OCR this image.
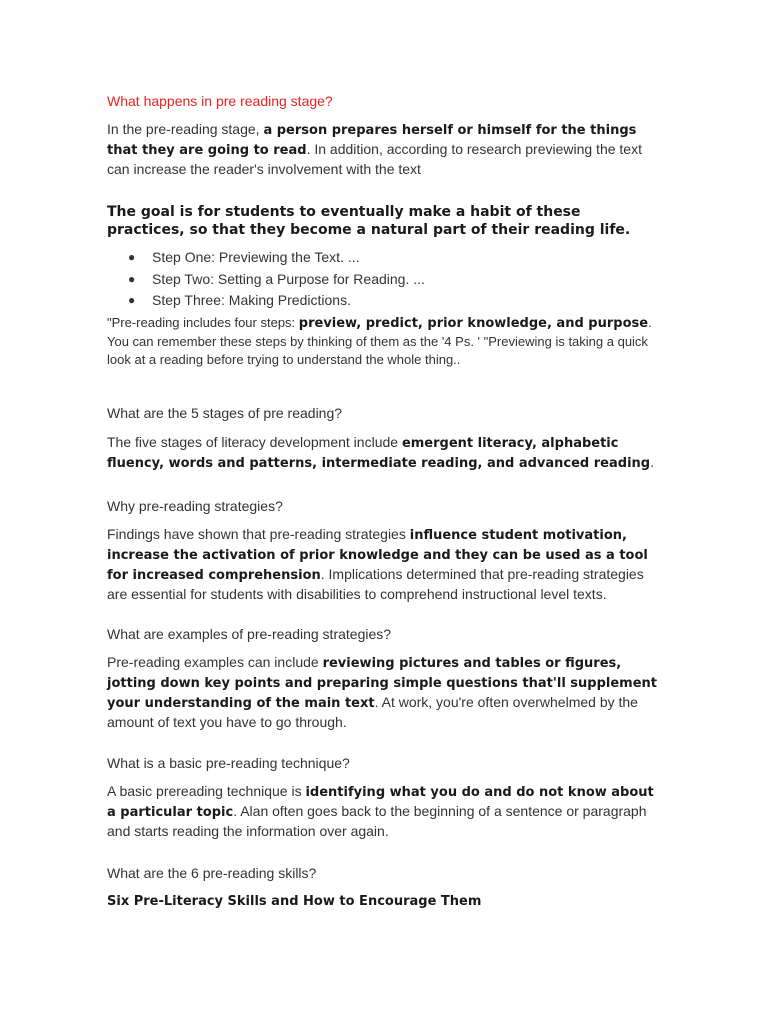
What happens in pre reading stage?

In the pre-reading stage, a person prepares herself or himself for the things that they are going to read. In addition, according to research previewing the text can increase the reader's involvement with the text

The goal is for students to eventually make a habit of these practices, so that they become a natural part of their reading life.

● Step One: Previewing the Text. ...
● Step Two: Setting a Purpose for Reading. ...
● Step Three: Making Predictions.

"Pre-reading includes four steps: preview, predict, prior knowledge, and purpose. You can remember these steps by thinking of them as the '4 Ps. ' "Previewing is taking a quick look at a reading before trying to understand the whole thing..

What are the 5 stages of pre reading?

The five stages of literacy development include emergent literacy, alphabetic fluency, words and patterns, intermediate reading, and advanced reading.

Why pre-reading strategies?

Findings have shown that pre-reading strategies influence student motivation, increase the activation of prior knowledge and they can be used as a tool for increased comprehension. Implications determined that pre-reading strategies are essential for students with disabilities to comprehend instructional level texts.

What are examples of pre-reading strategies?

Pre-reading examples can include reviewing pictures and tables or figures, jotting down key points and preparing simple questions that'll supplement your understanding of the main text. At work, you're often overwhelmed by the amount of text you have to go through.

What is a basic pre-reading technique?

A basic prereading technique is identifying what you do and do not know about a particular topic. Alan often goes back to the beginning of a sentence or paragraph and starts reading the information over again.

What are the 6 pre-reading skills?
Six Pre-Literacy Skills and How to Encourage Them
